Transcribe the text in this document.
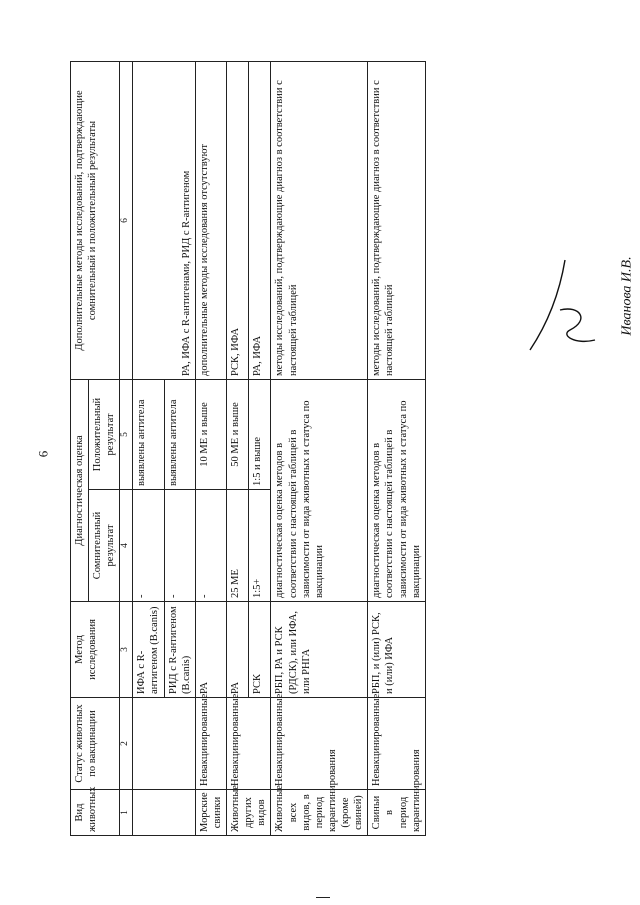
6
Вид животных	Статус животных по вакцинации	Метод исследования	Диагностическая оценка		Дополнительные методы исследований, подтверждающие сомнительный и положительный результаты
			Сомнительный результат	Положительный результат	
1	2	3	4	5	6
		ИФА с R-антигеном (B.canis)	-	выявлены антитела	РА, ИФА с R-антигенами, РИД с R-антигеном
		РИД с R-антигеном (B.canis)	-	выявлены антитела	
Морские свинки	Невакцинированные	РА	-	10 МЕ и выше	дополнительные методы исследования отсутствуют
Животные других видов	Невакцинированные	РА	25 МЕ	50 МЕ и выше	РСК, ИФА
		РСК	1:5+	1:5 и выше	РА, ИФА
Животные всех видов, в период карантинирования (кроме свиней)	Невакцинированные	РБП, РА и РСК (РДСК), или ИФА, или РНГА	диагностическая оценка методов в соответствии с настоящей таблицей в зависимости от вида животных и статуса по вакцинации		методы исследований, подтверждающие диагноз в соответствии с настоящей таблицей
Свиньи в период карантинирования	Невакцинированные	РБП, и (или) РСК, и (или) ИФА	диагностическая оценка методов в соответствии с настоящей таблицей в зависимости от вида животных и статуса по вакцинации		методы исследований, подтверждающие диагноз в соответствии с настоящей таблицей	Иванова И.В.
